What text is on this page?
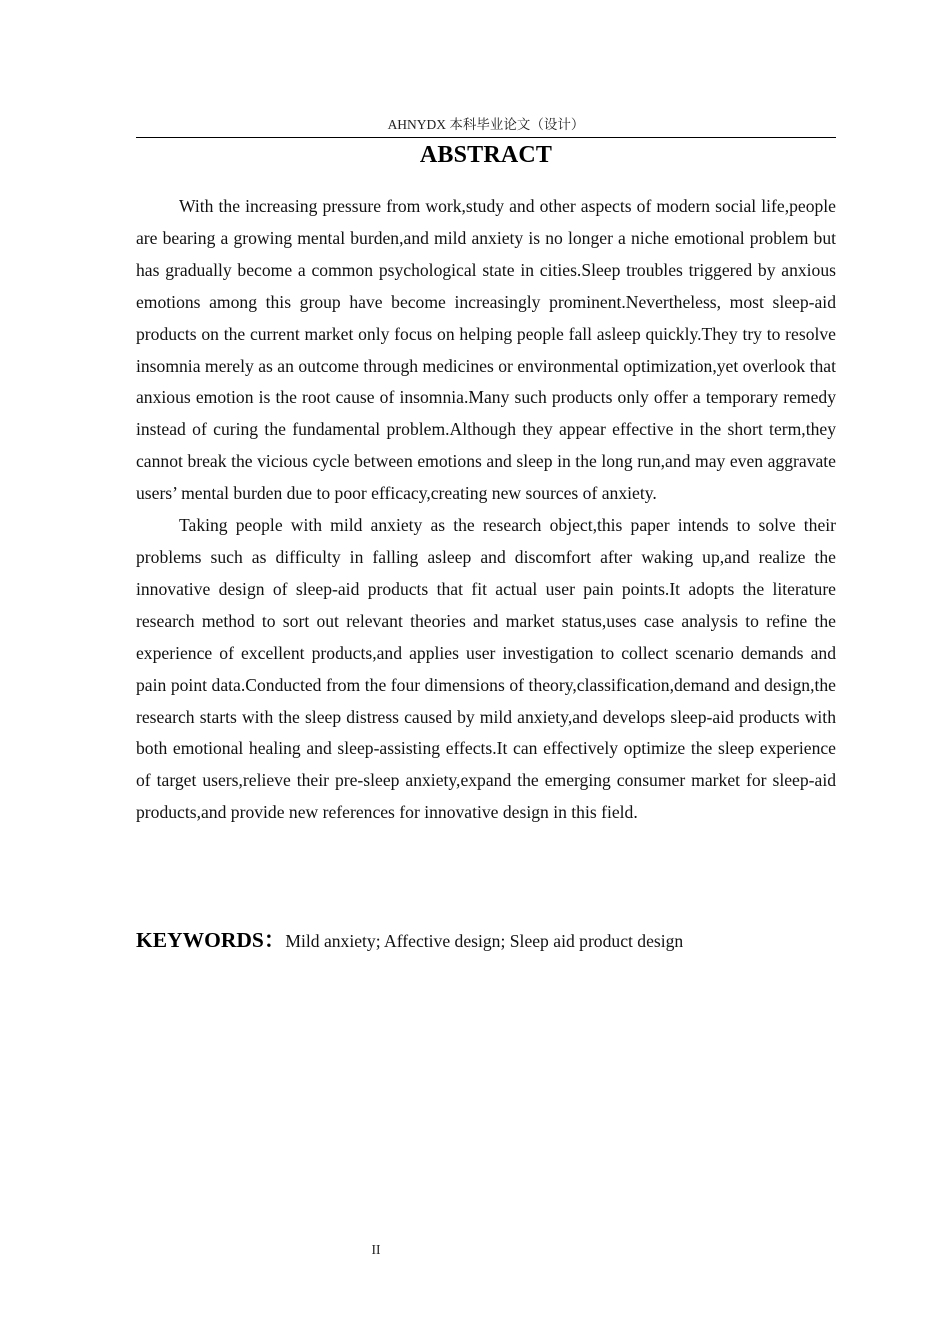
AHNYDX 本科毕业论文（设计）
ABSTRACT

With the increasing pressure from work,study and other aspects of modern social life,people are bearing a growing mental burden,and mild anxiety is no longer a niche emotional problem but has gradually become a common psychological state in cities.Sleep troubles triggered by anxious emotions among this group have become increasingly prominent.Nevertheless, most sleep-aid products on the current market only focus on helping people fall asleep quickly.They try to resolve insomnia merely as an outcome through medicines or environmental optimization,yet overlook that anxious emotion is the root cause of insomnia.Many such products only offer a temporary remedy instead of curing the fundamental problem.Although they appear effective in the short term,they cannot break the vicious cycle between emotions and sleep in the long run,and may even aggravate users’ mental burden due to poor efficacy,creating new sources of anxiety.

Taking people with mild anxiety as the research object,this paper intends to solve their problems such as difficulty in falling asleep and discomfort after waking up,and realize the innovative design of sleep-aid products that fit actual user pain points.It adopts the literature research method to sort out relevant theories and market status,uses case analysis to refine the experience of excellent products,and applies user investigation to collect scenario demands and pain point data.Conducted from the four dimensions of theory,classification,demand and design,the research starts with the sleep distress caused by mild anxiety,and develops sleep-aid products with both emotional healing and sleep-assisting effects.It can effectively optimize the sleep experience of target users,relieve their pre-sleep anxiety,expand the emerging consumer market for sleep-aid products,and provide new references for innovative design in this field.

KEYWORDS：Mild anxiety; Affective design; Sleep aid product design
II
